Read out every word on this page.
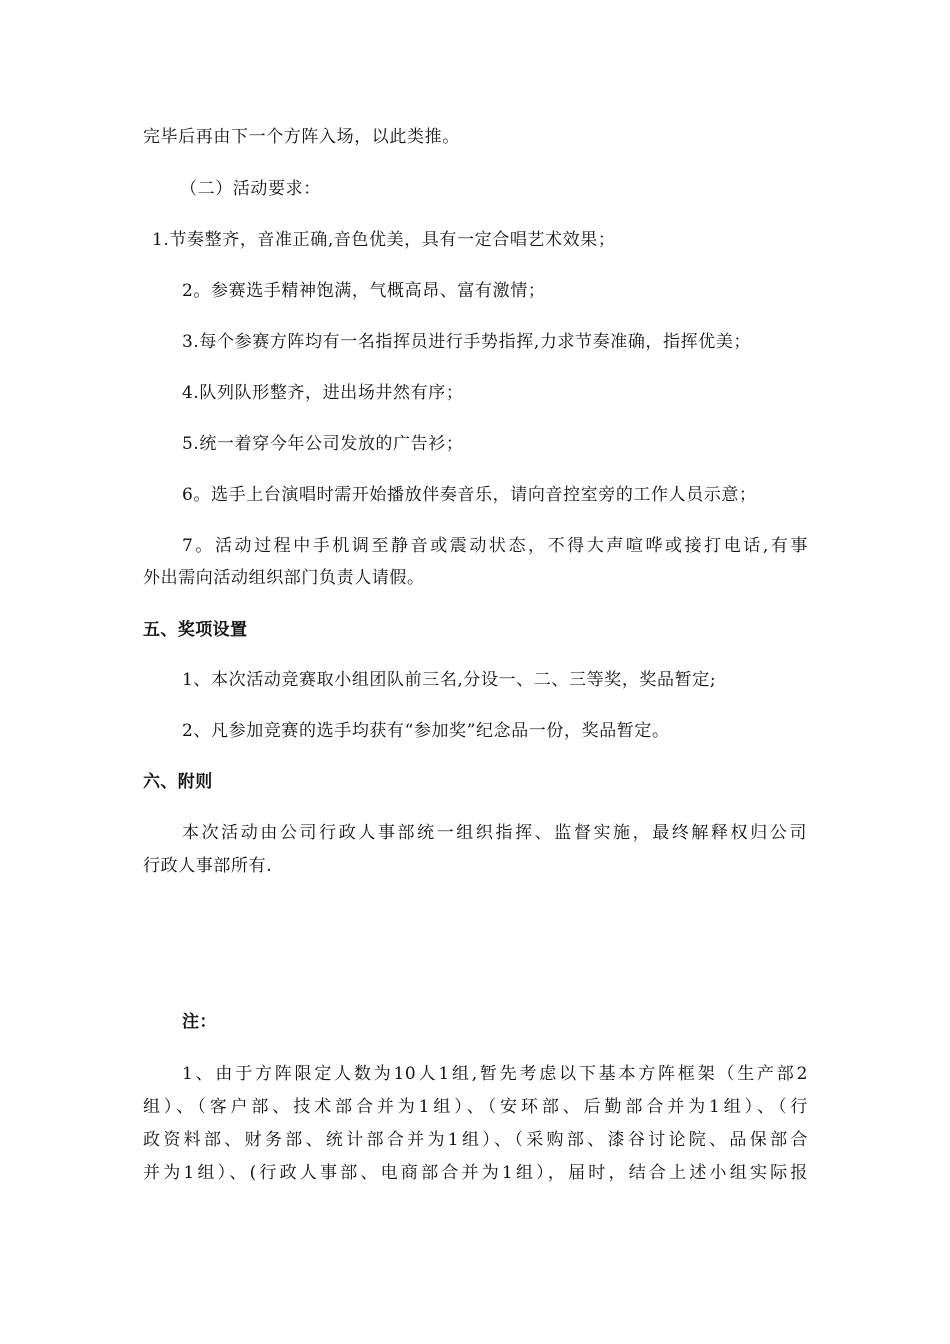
完毕后再由下一个方阵入场，以此类推。
（二）活动要求：
1.节奏整齐，音准正确,音色优美，具有一定合唱艺术效果；
2。参赛选手精神饱满，气概高昂、富有激情；
3.每个参赛方阵均有一名指挥员进行手势指挥,力求节奏准确，指挥优美；
4.队列队形整齐，进出场井然有序；
5.统一着穿今年公司发放的广告衫；
6。选手上台演唱时需开始播放伴奏音乐，请向音控室旁的工作人员示意；
7。活动过程中手机调至静音或震动状态，不得大声喧哗或接打电话,有事
外出需向活动组织部门负责人请假。
五、奖项设置
1、本次活动竞赛取小组团队前三名,分设一、二、三等奖，奖品暂定;
2、凡参加竞赛的选手均获有“参加奖”纪念品一份，奖品暂定。
六、附则
本次活动由公司行政人事部统一组织指挥、监督实施，最终解释权归公司
行政人事部所有.
注：
1、由于方阵限定人数为10人1组,暂先考虑以下基本方阵框架（生产部2
组）、（客户部、技术部合并为1组）、（安环部、后勤部合并为1组）、（行
政资料部、财务部、统计部合并为1组）、（采购部、漆谷讨论院、品保部合
并为1组）、(行政人事部、电商部合并为1组），届时，结合上述小组实际报
